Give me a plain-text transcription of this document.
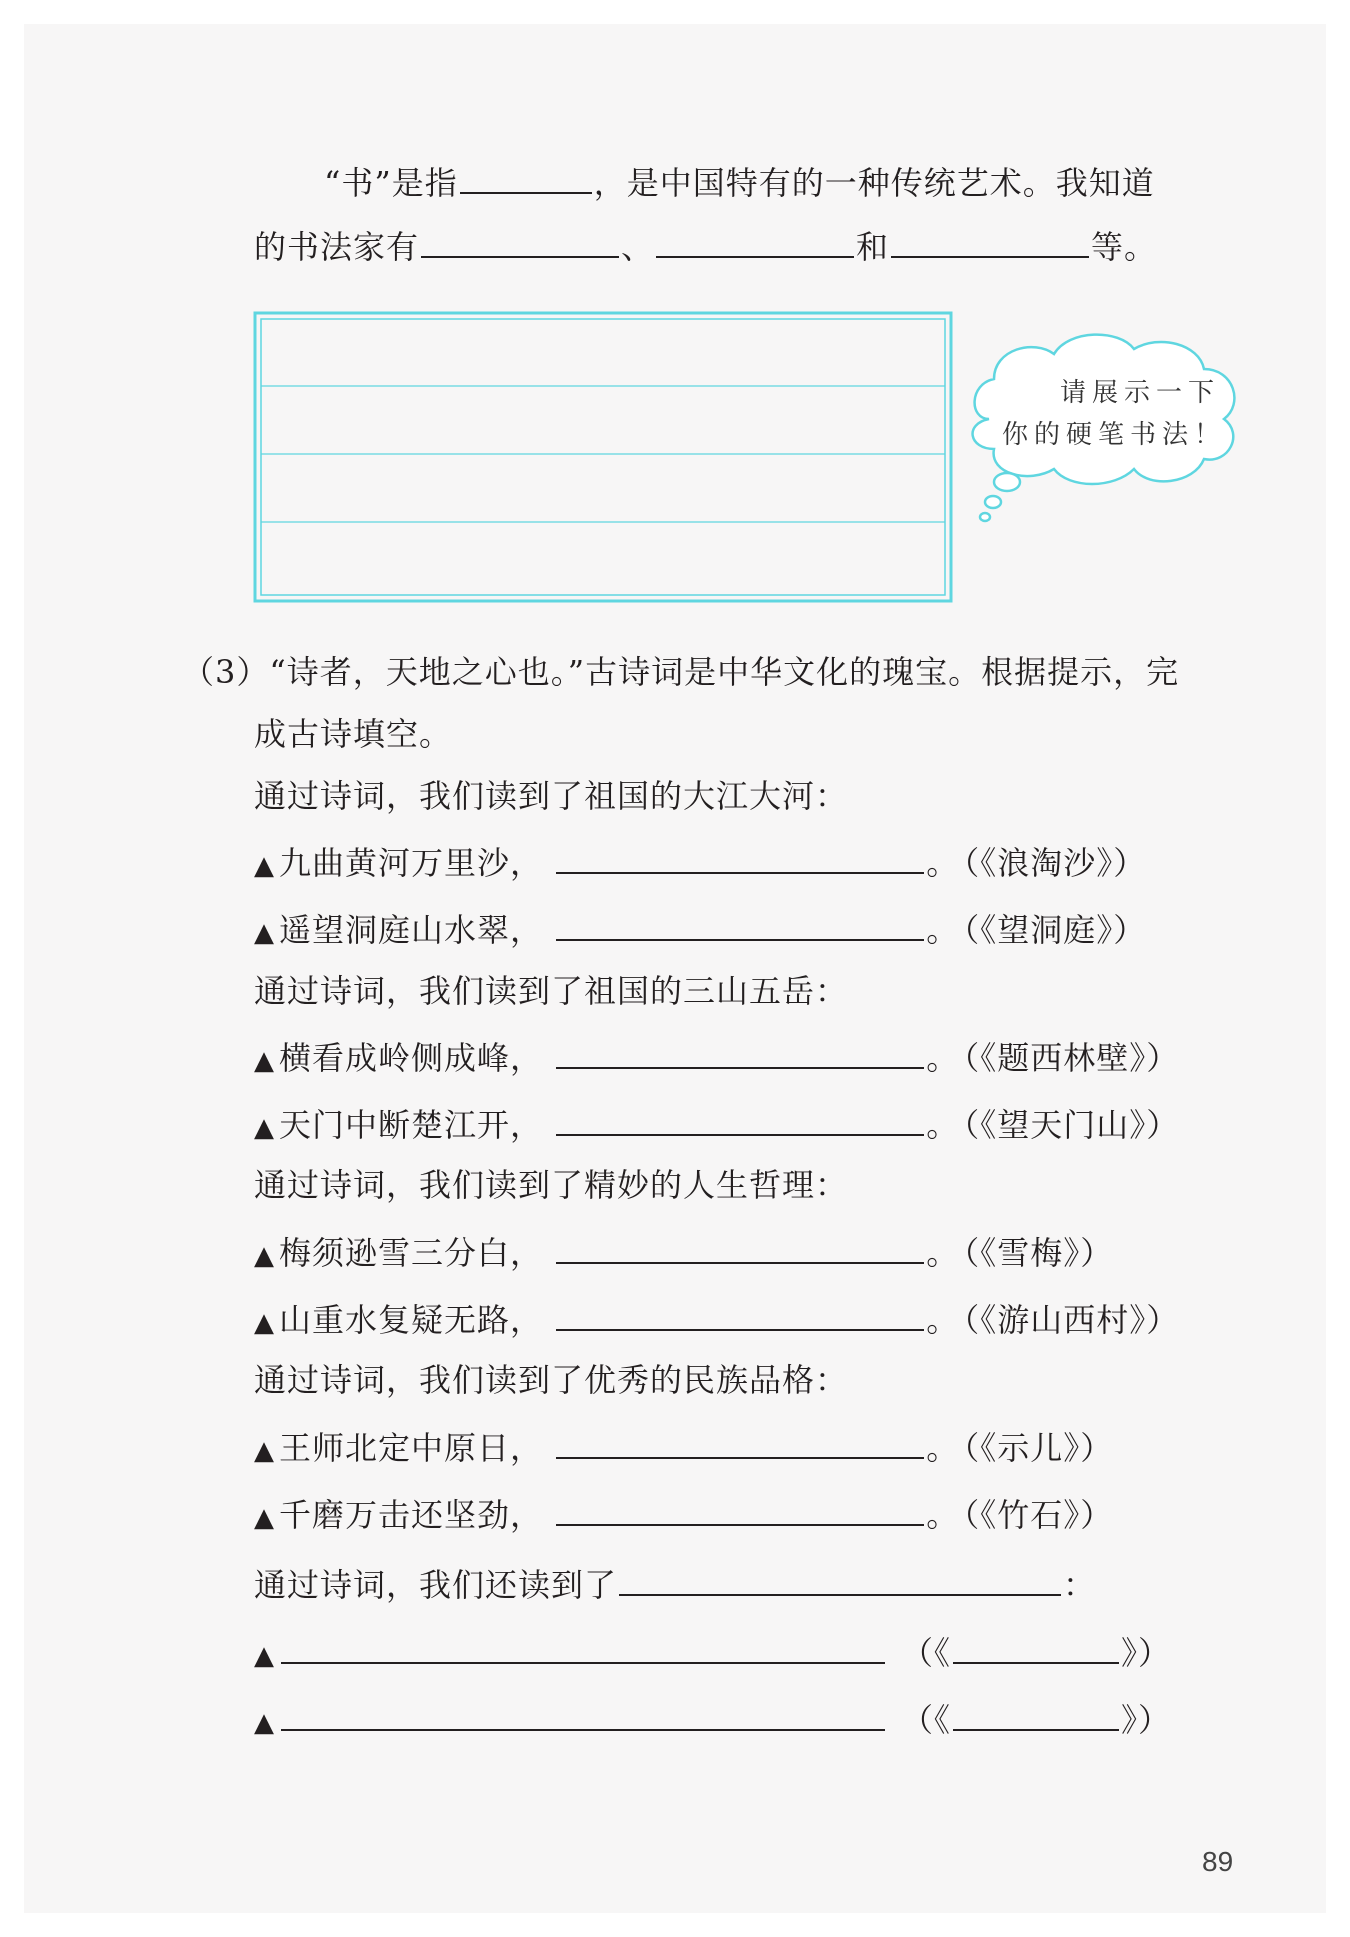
“书”是指	，是中国特有的一种传统艺术。我知道
的书法家有	、	和	等。
请展示一下
你的硬笔书法！
（3）“诗者，天地之心也。”古诗词是中华文化的瑰宝。根据提示，完
成古诗填空。
通过诗词，我们读到了祖国的大江大河：
▲ 九曲黄河万里沙，	。 （《浪淘沙》）
▲ 遥望洞庭山水翠，	。 （《望洞庭》）
通过诗词，我们读到了祖国的三山五岳：
▲ 横看成岭侧成峰，	。 （《题西林壁》）
▲ 天门中断楚江开，	。 （《望天门山》）
通过诗词，我们读到了精妙的人生哲理：
▲ 梅须逊雪三分白，	。 （《雪梅》）
▲ 山重水复疑无路，	。 （《游山西村》）
通过诗词，我们读到了优秀的民族品格：
▲ 王师北定中原日，	。 （《示儿》）
▲ 千磨万击还坚劲，	。 （《竹石》）
通过诗词，我们还读到了	：
▲	（《	》）
▲	（《	》）
89
